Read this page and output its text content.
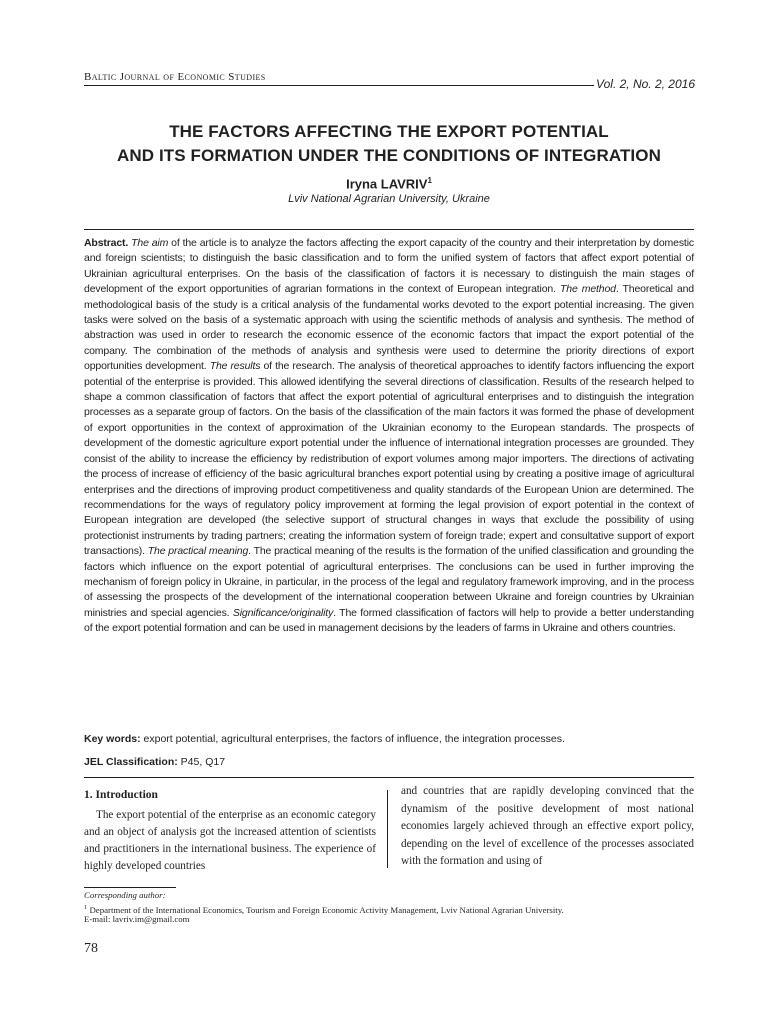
Baltic Journal of Economic Studies	Vol. 2, No. 2, 2016
THE FACTORS AFFECTING THE EXPORT POTENTIAL
AND ITS FORMATION UNDER THE CONDITIONS OF INTEGRATION
Iryna LAVRIV$^1$
Lviv National Agrarian University, Ukraine
Abstract. The aim of the article is to analyze the factors affecting the export capacity of the country and their interpretation by domestic and foreign scientists; to distinguish the basic classification and to form the unified system of factors that affect export potential of Ukrainian agricultural enterprises. On the basis of the classification of factors it is necessary to distinguish the main stages of development of the export opportunities of agrarian formations in the context of European integration. The method. Theoretical and methodological basis of the study is a critical analysis of the fundamental works devoted to the export potential increasing. The given tasks were solved on the basis of a systematic approach with using the scientific methods of analysis and synthesis. The method of abstraction was used in order to research the economic essence of the economic factors that impact the export potential of the company. The combination of the methods of analysis and synthesis were used to determine the priority directions of export opportunities development. The results of the research. The analysis of theoretical approaches to identify factors influencing the export potential of the enterprise is provided. This allowed identifying the several directions of classification. Results of the research helped to shape a common classification of factors that affect the export potential of agricultural enterprises and to distinguish the integration processes as a separate group of factors. On the basis of the classification of the main factors it was formed the phase of development of export opportunities in the context of approximation of the Ukrainian economy to the European standards. The prospects of development of the domestic agriculture export potential under the influence of international integration processes are grounded. They consist of the ability to increase the efficiency by redistribution of export volumes among major importers. The directions of activating the process of increase of efficiency of the basic agricultural branches export potential using by creating a positive image of agricultural enterprises and the directions of improving product competitiveness and quality standards of the European Union are determined. The recommendations for the ways of regulatory policy improvement at forming the legal provision of export potential in the context of European integration are developed (the selective support of structural changes in ways that exclude the possibility of using protectionist instruments by trading partners; creating the information system of foreign trade; expert and consultative support of export transactions). The practical meaning. The practical meaning of the results is the formation of the unified classification and grounding the factors which influence on the export potential of agricultural enterprises. The conclusions can be used in further improving the mechanism of foreign policy in Ukraine, in particular, in the process of the legal and regulatory framework improving, and in the process of assessing the prospects of the development of the international cooperation between Ukraine and foreign countries by Ukrainian ministries and special agencies. Significance/originality. The formed classification of factors will help to provide a better understanding of the export potential formation and can be used in management decisions by the leaders of farms in Ukraine and others countries.
Key words: export potential, agricultural enterprises, the factors of influence, the integration processes.
JEL Classification: P45, Q17
1. Introduction
The export potential of the enterprise as an economic category and an object of analysis got the increased attention of scientists and practitioners in the international business. The experience of highly developed countries
and countries that are rapidly developing convinced that the dynamism of the positive development of most national economies largely achieved through an effective export policy, depending on the level of excellence of the processes associated with the formation and using of
Corresponding author:
$^1$ Department of the International Economics, Tourism and Foreign Economic Activity Management, Lviv National Agrarian University.
E-mail: lavriv.im@gmail.com
78
